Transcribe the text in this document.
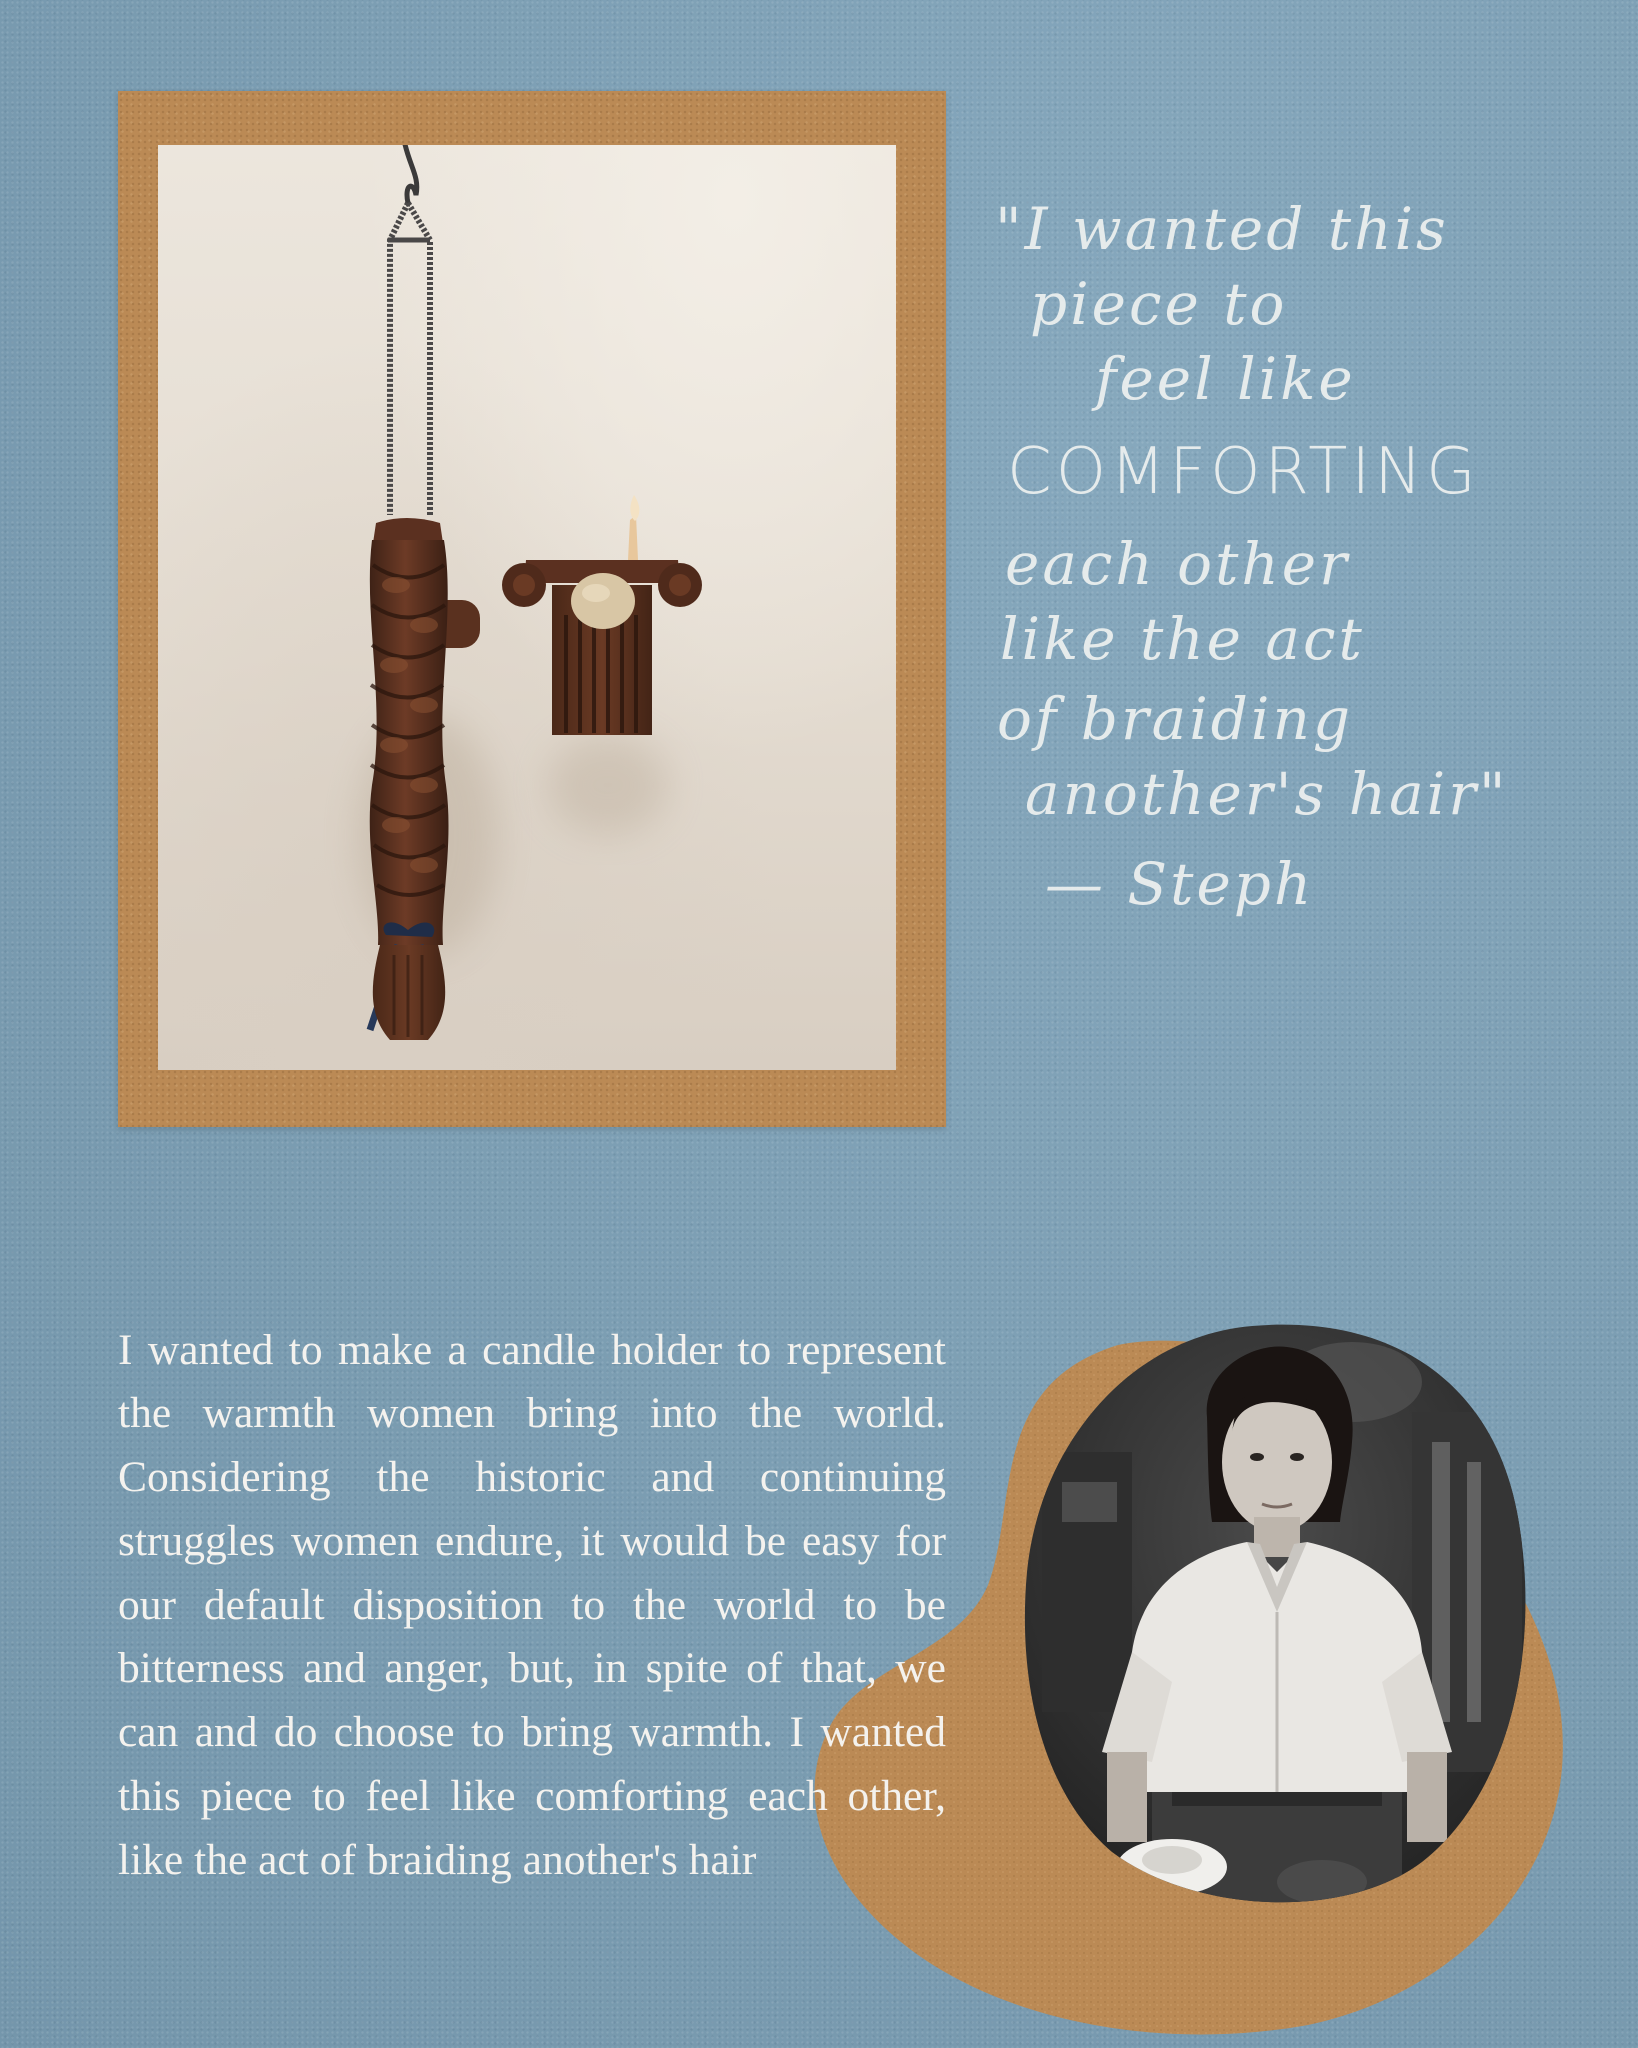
"I wanted this
piece to
feel like
COMFORTING
each other
like the act
of braiding
another's hair"
— Steph

I wanted to make a candle holder to represent the warmth women bring into the world. Considering the historic and continuing struggles women endure, it would be easy for our default disposition to the world to be bitterness and anger, but, in spite of that, we can and do choose to bring warmth. I wanted this piece to feel like comforting each other, like the act of braiding another's hair
